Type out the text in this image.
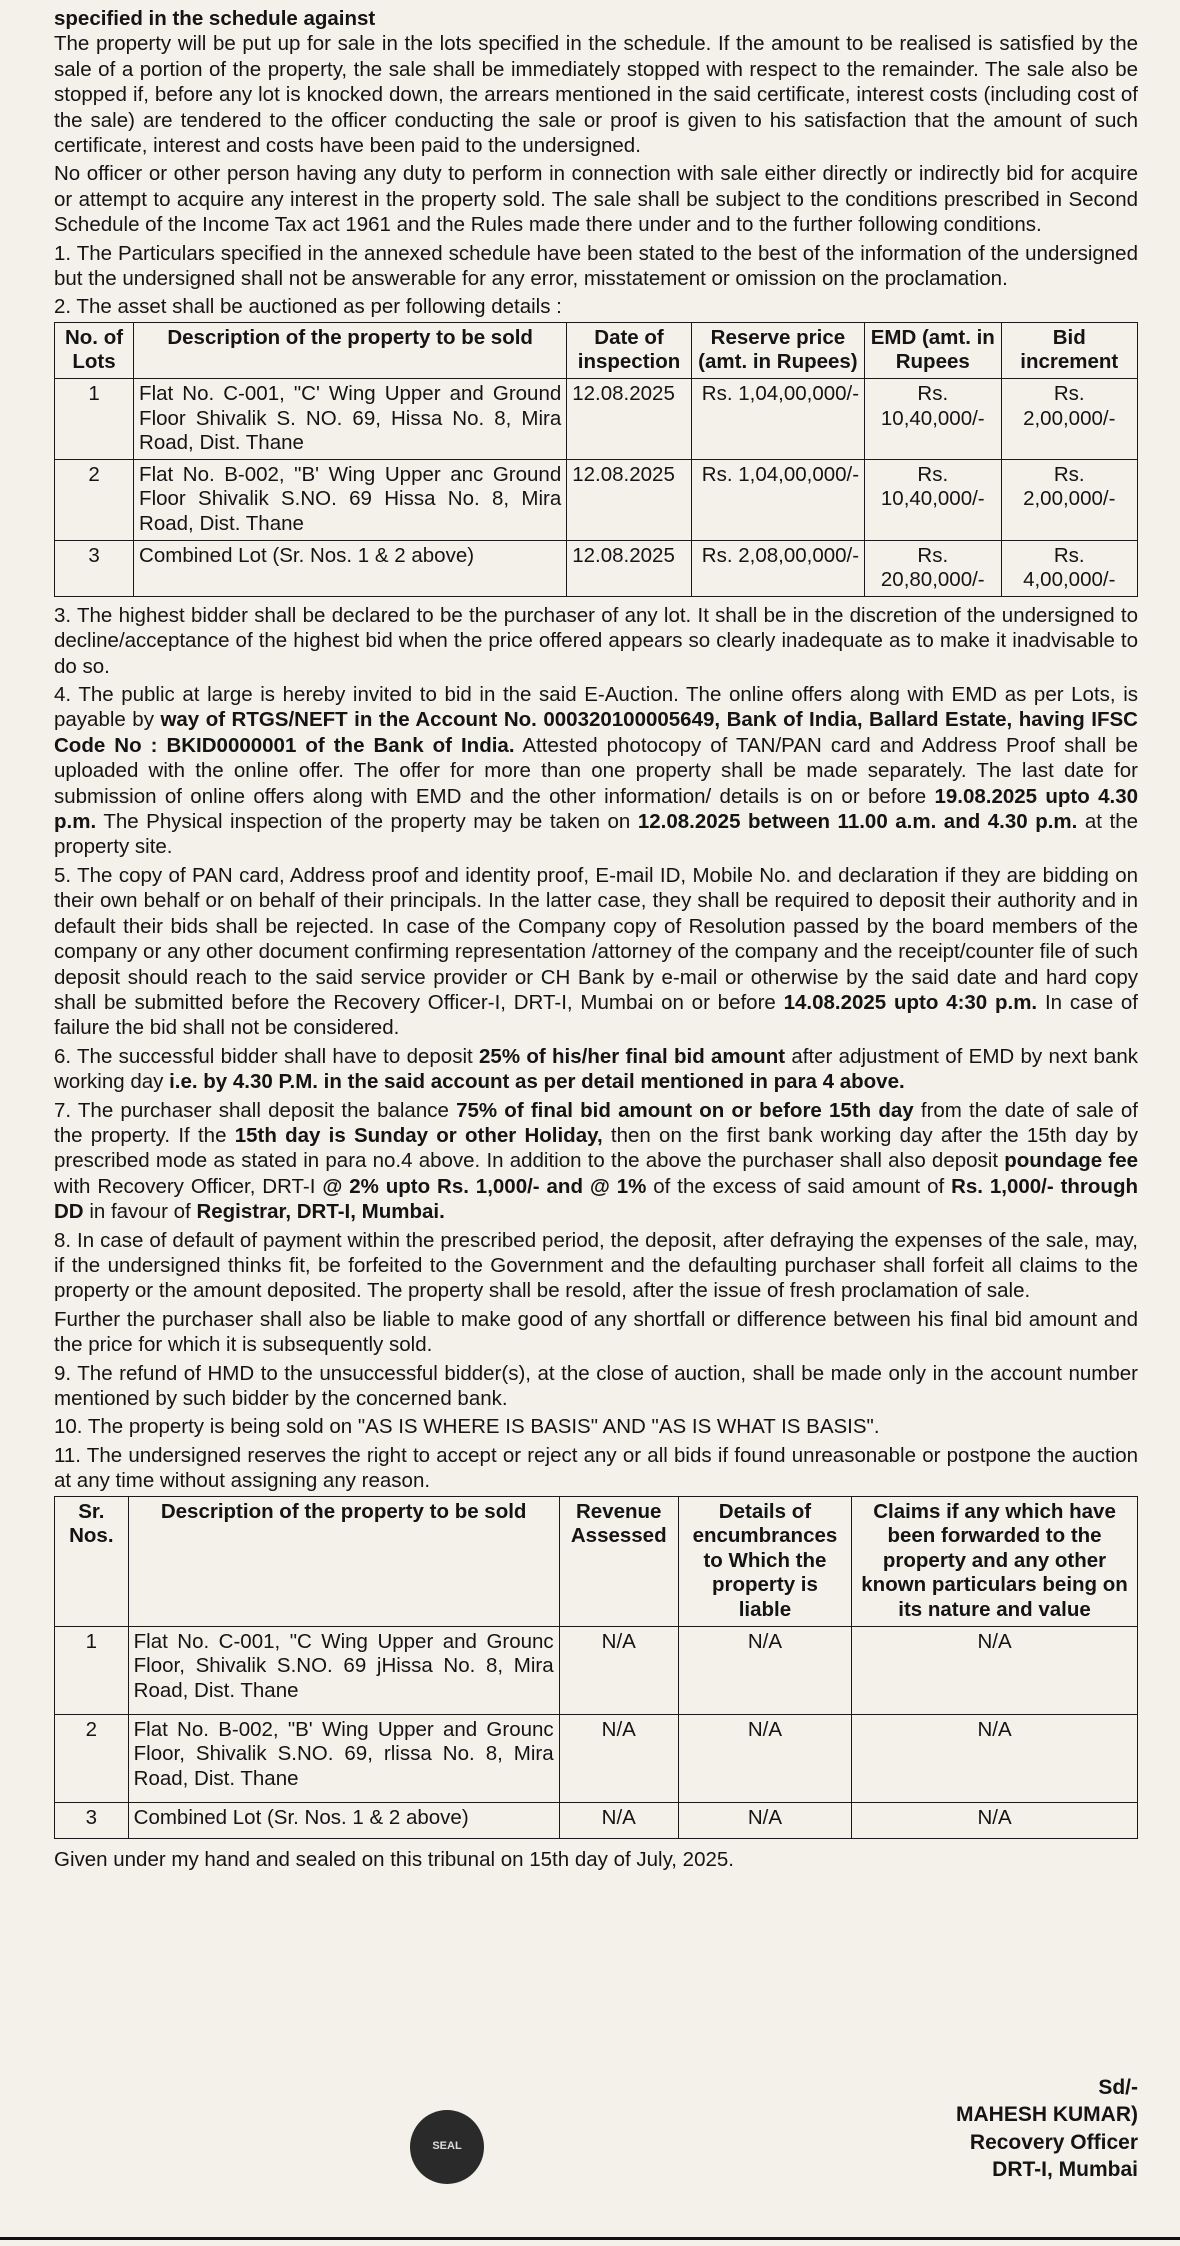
specified in the schedule against

The property will be put up for sale in the lots specified in the schedule. If the amount to be realised is satisfied by the sale of a portion of the property, the sale shall be immediately stopped with respect to the remainder. The sale also be stopped if, before any lot is knocked down, the arrears mentioned in the said certificate, interest costs (including cost of the sale) are tendered to the officer conducting the sale or proof is given to his satisfaction that the amount of such certificate, interest and costs have been paid to the undersigned.

No officer or other person having any duty to perform in connection with sale either directly or indirectly bid for acquire or attempt to acquire any interest in the property sold. The sale shall be subject to the conditions prescribed in Second Schedule of the Income Tax act 1961 and the Rules made there under and to the further following conditions.

1. The Particulars specified in the annexed schedule have been stated to the best of the information of the undersigned but the undersigned shall not be answerable for any error, misstatement or omission on the proclamation.

2. The asset shall be auctioned as per following details :

No. of Lots	Description of the property to be sold	Date of inspection	Reserve price (amt. in Rupees)	EMD (amt. in Rupees	Bid increment
1	Flat No. C-001, "C' Wing Upper and Ground Floor Shivalik S. NO. 69, Hissa No. 8, Mira Road, Dist. Thane	12.08.2025	Rs. 1,04,00,000/-	Rs. 10,40,000/-	Rs. 2,00,000/-
2	Flat No. B-002, "B' Wing Upper anc Ground Floor Shivalik S.NO. 69 Hissa No. 8, Mira Road, Dist. Thane	12.08.2025	Rs. 1,04,00,000/-	Rs. 10,40,000/-	Rs. 2,00,000/-
3	Combined Lot (Sr. Nos. 1 & 2 above)	12.08.2025	Rs. 2,08,00,000/-	Rs. 20,80,000/-	Rs. 4,00,000/-

3. The highest bidder shall be declared to be the purchaser of any lot. It shall be in the discretion of the undersigned to decline/acceptance of the highest bid when the price offered appears so clearly inadequate as to make it inadvisable to do so.

4. The public at large is hereby invited to bid in the said E-Auction. The online offers along with EMD as per Lots, is payable by way of RTGS/NEFT in the Account No. 000320100005649, Bank of India, Ballard Estate, having IFSC Code No : BKID0000001 of the Bank of India. Attested photocopy of TAN/PAN card and Address Proof shall be uploaded with the online offer. The offer for more than one property shall be made separately. The last date for submission of online offers along with EMD and the other information/ details is on or before 19.08.2025 upto 4.30 p.m. The Physical inspection of the property may be taken on 12.08.2025 between 11.00 a.m. and 4.30 p.m. at the property site.

5. The copy of PAN card, Address proof and identity proof, E-mail ID, Mobile No. and declaration if they are bidding on their own behalf or on behalf of their principals. In the latter case, they shall be required to deposit their authority and in default their bids shall be rejected. In case of the Company copy of Resolution passed by the board members of the company or any other document confirming representation /attorney of the company and the receipt/counter file of such deposit should reach to the said service provider or CH Bank by e-mail or otherwise by the said date and hard copy shall be submitted before the Recovery Officer-I, DRT-I, Mumbai on or before 14.08.2025 upto 4:30 p.m. In case of failure the bid shall not be considered.

6. The successful bidder shall have to deposit 25% of his/her final bid amount after adjustment of EMD by next bank working day i.e. by 4.30 P.M. in the said account as per detail mentioned in para 4 above.

7. The purchaser shall deposit the balance 75% of final bid amount on or before 15th day from the date of sale of the property. If the 15th day is Sunday or other Holiday, then on the first bank working day after the 15th day by prescribed mode as stated in para no.4 above. In addition to the above the purchaser shall also deposit poundage fee with Recovery Officer, DRT-I @ 2% upto Rs. 1,000/- and @ 1% of the excess of said amount of Rs. 1,000/- through DD in favour of Registrar, DRT-I, Mumbai.

8. In case of default of payment within the prescribed period, the deposit, after defraying the expenses of the sale, may, if the undersigned thinks fit, be forfeited to the Government and the defaulting purchaser shall forfeit all claims to the property or the amount deposited. The property shall be resold, after the issue of fresh proclamation of sale.

Further the purchaser shall also be liable to make good of any shortfall or difference between his final bid amount and the price for which it is subsequently sold.

9. The refund of HMD to the unsuccessful bidder(s), at the close of auction, shall be made only in the account number mentioned by such bidder by the concerned bank.

10. The property is being sold on "AS IS WHERE IS BASIS" AND "AS IS WHAT IS BASIS".

11. The undersigned reserves the right to accept or reject any or all bids if found unreasonable or postpone the auction at any time without assigning any reason.

Sr. Nos.	Description of the property to be sold	Revenue Assessed	Details of encumbrances to Which the property is liable	Claims if any which have been forwarded to the property and any other known particulars being on its nature and value
1	Flat No. C-001, "C Wing Upper and Grounc Floor, Shivalik S.NO. 69 jHissa No. 8, Mira Road, Dist. Thane	N/A	N/A	N/A
2	Flat No. B-002, "B' Wing Upper and Grounc Floor, Shivalik S.NO. 69, rlissa No. 8, Mira Road, Dist. Thane	N/A	N/A	N/A
3	Combined Lot (Sr. Nos. 1 & 2 above)	N/A	N/A	N/A

Given under my hand and sealed on this tribunal on 15th day of July, 2025.

SEAL
Sd/-
MAHESH KUMAR)
Recovery Officer
DRT-I, Mumbai
